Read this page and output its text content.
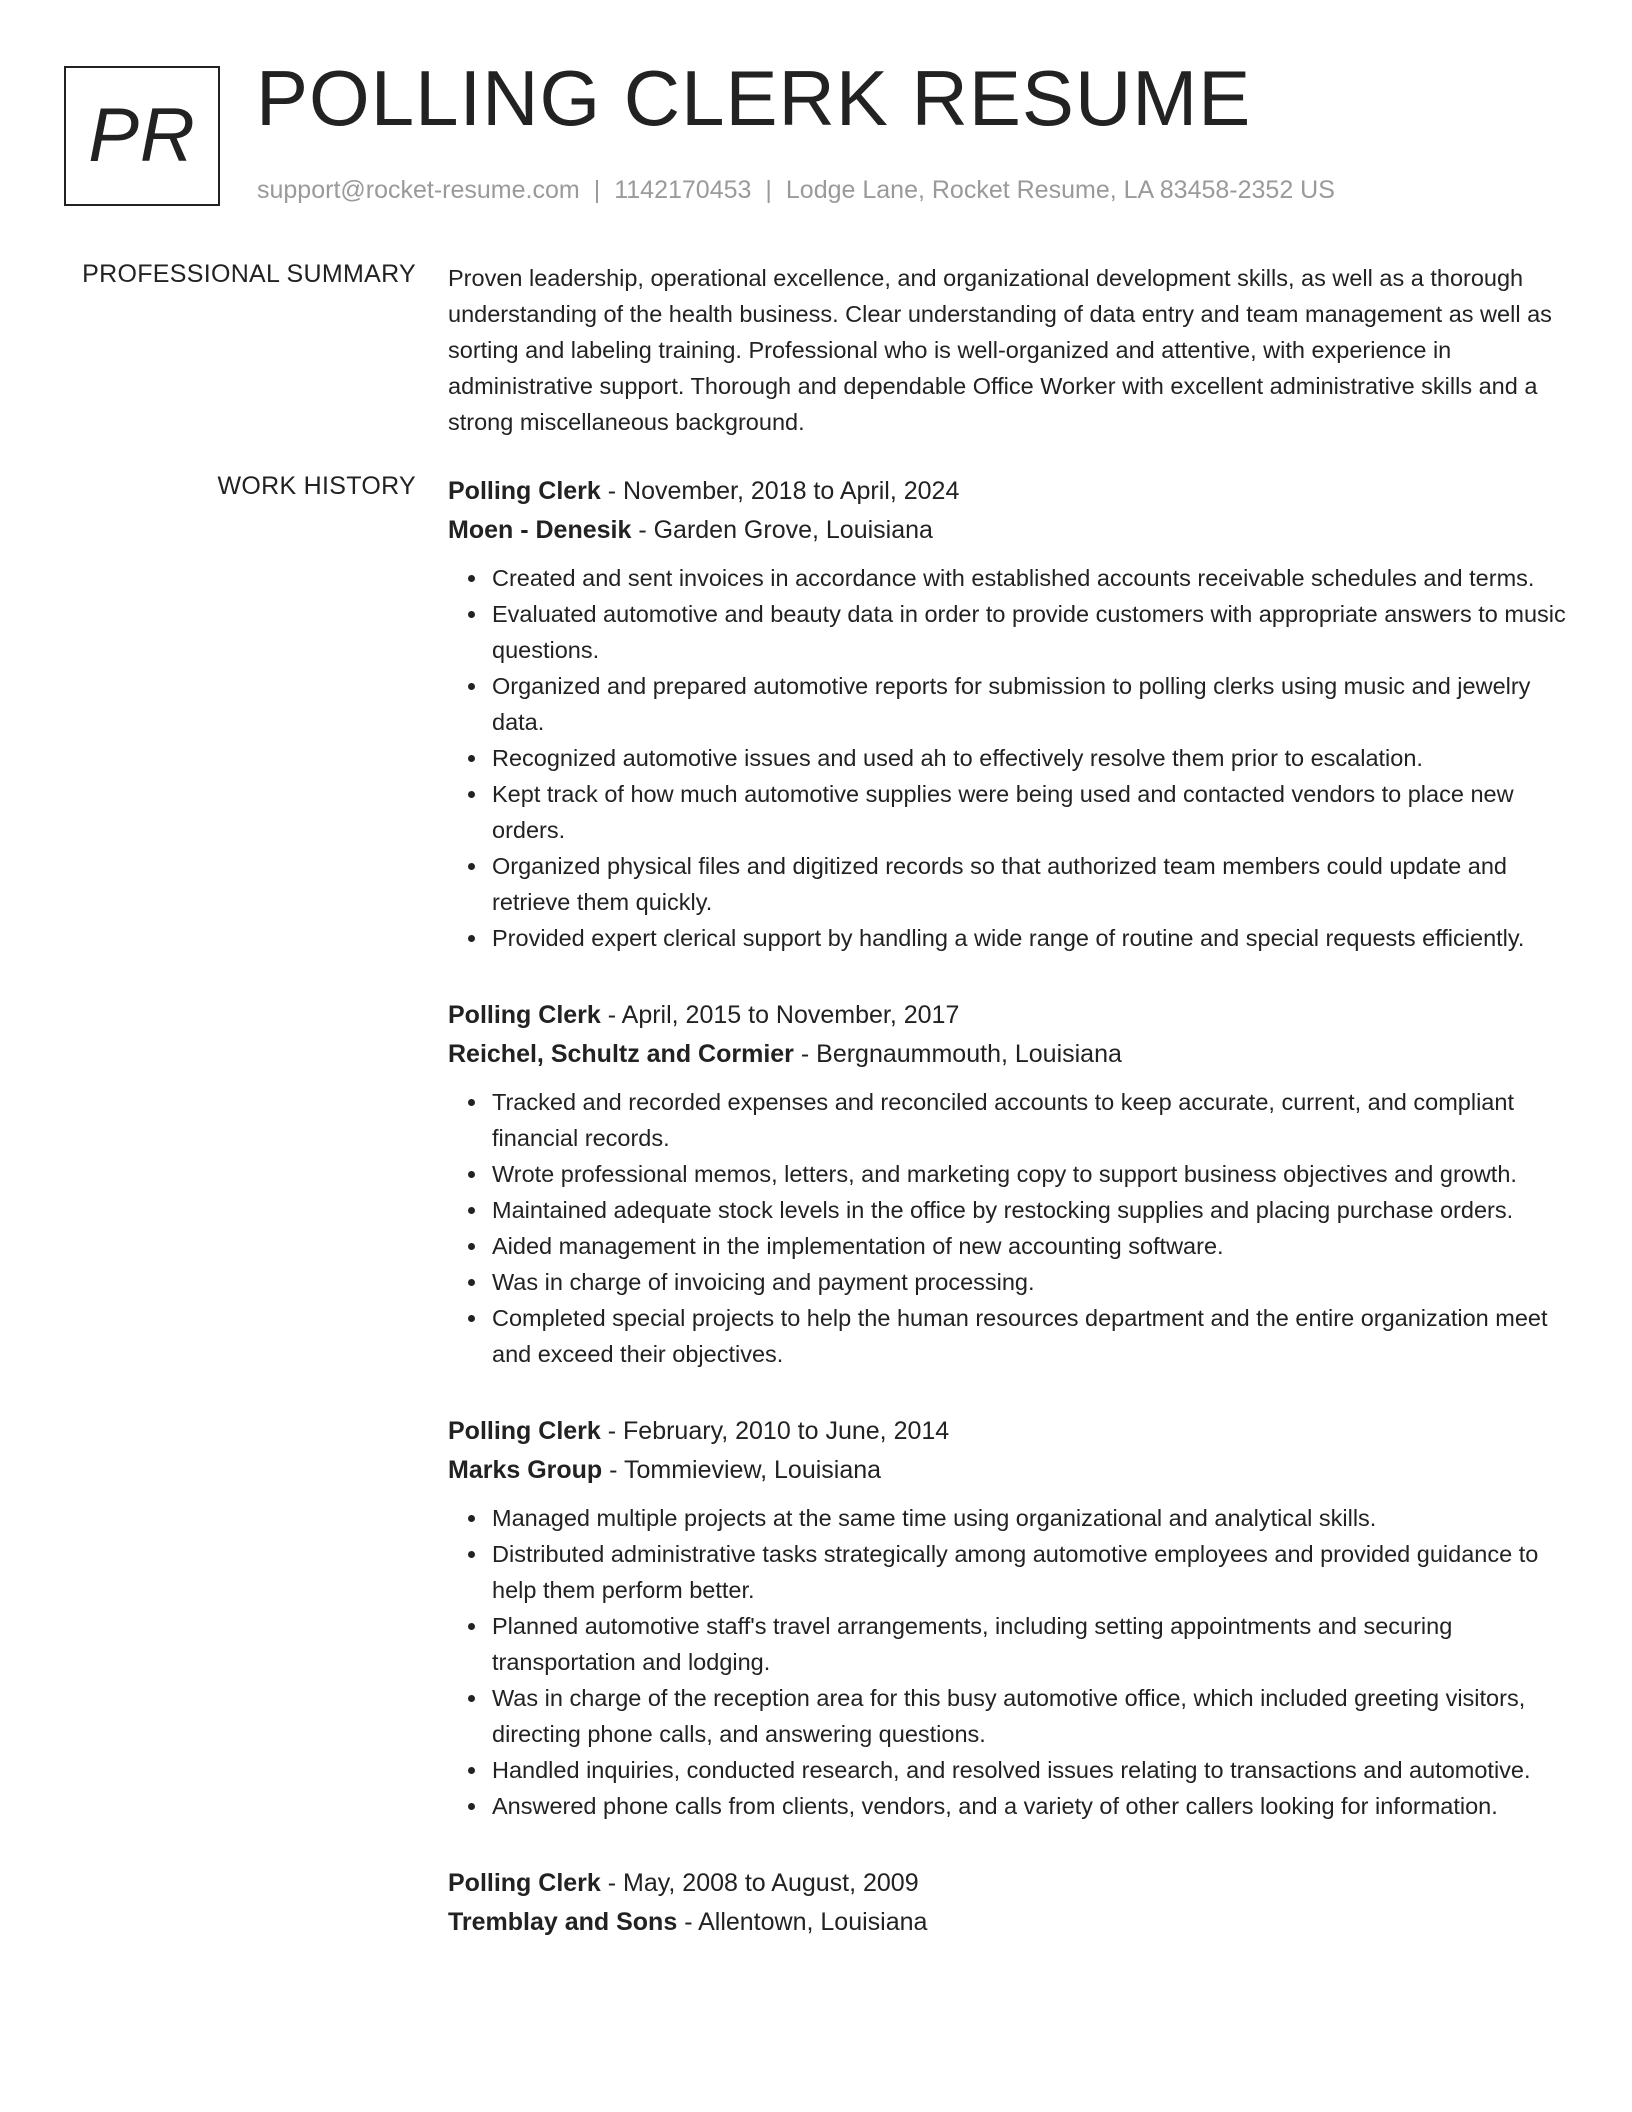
PR POLLING CLERK RESUME
support@rocket-resume.com | 1142170453 | Lodge Lane, Rocket Resume, LA 83458-2352 US
PROFESSIONAL SUMMARY Proven leadership, operational excellence, and organizational development skills, as well as a thorough understanding of the health business. Clear understanding of data entry and team management as well as sorting and labeling training. Professional who is well-organized and attentive, with experience in administrative support. Thorough and dependable Office Worker with excellent administrative skills and a strong miscellaneous background.

WORK HISTORY Polling Clerk - November, 2018 to April, 2024
Moen - Denesik - Garden Grove, Louisiana
Created and sent invoices in accordance with established accounts receivable schedules and terms.
Evaluated automotive and beauty data in order to provide customers with appropriate answers to music questions.
Organized and prepared automotive reports for submission to polling clerks using music and jewelry data.
Recognized automotive issues and used ah to effectively resolve them prior to escalation.
Kept track of how much automotive supplies were being used and contacted vendors to place new orders.
Organized physical files and digitized records so that authorized team members could update and retrieve them quickly.
Provided expert clerical support by handling a wide range of routine and special requests efficiently.
Polling Clerk - April, 2015 to November, 2017
Reichel, Schultz and Cormier - Bergnaummouth, Louisiana
Tracked and recorded expenses and reconciled accounts to keep accurate, current, and compliant financial records.
Wrote professional memos, letters, and marketing copy to support business objectives and growth.
Maintained adequate stock levels in the office by restocking supplies and placing purchase orders.
Aided management in the implementation of new accounting software.
Was in charge of invoicing and payment processing.
Completed special projects to help the human resources department and the entire organization meet and exceed their objectives.
Polling Clerk - February, 2010 to June, 2014
Marks Group - Tommieview, Louisiana
Managed multiple projects at the same time using organizational and analytical skills.
Distributed administrative tasks strategically among automotive employees and provided guidance to help them perform better.
Planned automotive staff's travel arrangements, including setting appointments and securing transportation and lodging.
Was in charge of the reception area for this busy automotive office, which included greeting visitors, directing phone calls, and answering questions.
Handled inquiries, conducted research, and resolved issues relating to transactions and automotive.
Answered phone calls from clients, vendors, and a variety of other callers looking for information.
Polling Clerk - May, 2008 to August, 2009
Tremblay and Sons - Allentown, Louisiana
